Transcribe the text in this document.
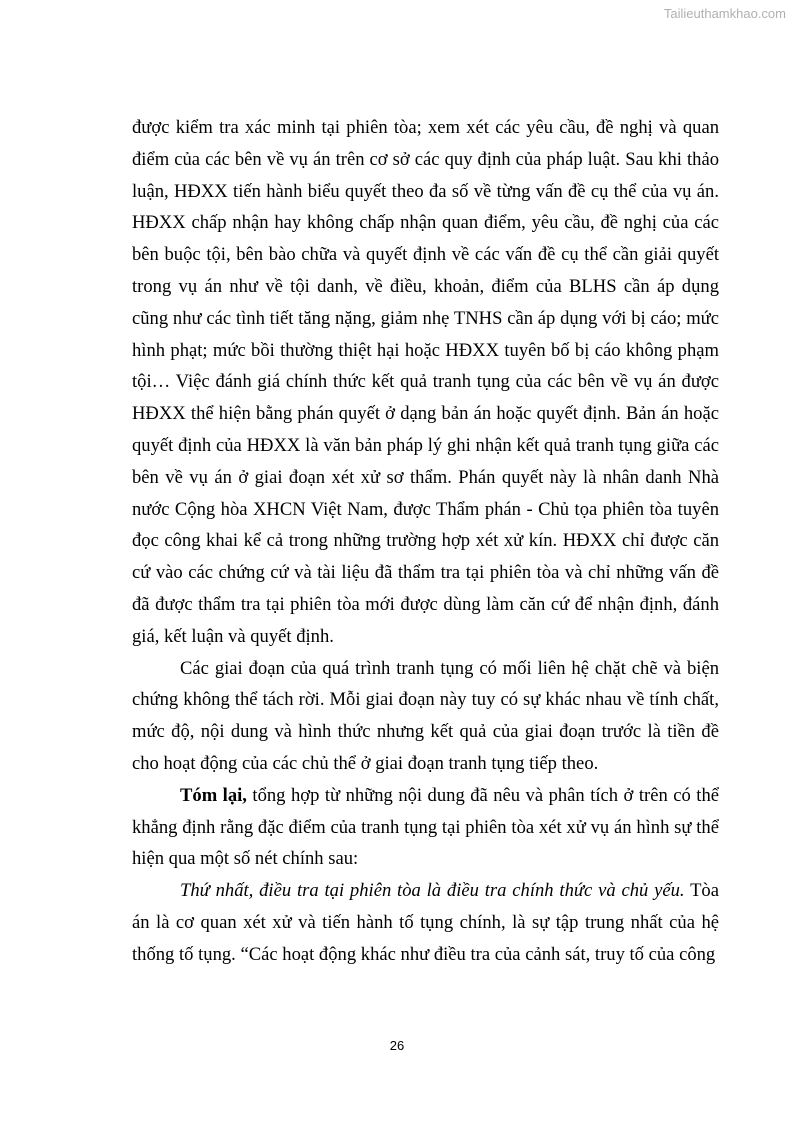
Tailieuthamkhao.com

được kiểm tra xác minh tại phiên tòa; xem xét các yêu cầu, đề nghị và quan điểm của các bên về vụ án trên cơ sở các quy định của pháp luật. Sau khi thảo luận, HĐXX tiến hành biểu quyết theo đa số về từng vấn đề cụ thể của vụ án. HĐXX chấp nhận hay không chấp nhận quan điểm, yêu cầu, đề nghị của các bên buộc tội, bên bào chữa và quyết định về các vấn đề cụ thể cần giải quyết trong vụ án như về tội danh, về điều, khoản, điểm của BLHS cần áp dụng cũng như các tình tiết tăng nặng, giảm nhẹ TNHS cần áp dụng với bị cáo; mức hình phạt; mức bồi thường thiệt hại hoặc HĐXX tuyên bố bị cáo không phạm tội… Việc đánh giá chính thức kết quả tranh tụng của các bên về vụ án được HĐXX thể hiện bằng phán quyết ở dạng bản án hoặc quyết định. Bản án hoặc quyết định của HĐXX là văn bản pháp lý ghi nhận kết quả tranh tụng giữa các bên về vụ án ở giai đoạn xét xử sơ thẩm. Phán quyết này là nhân danh Nhà nước Cộng hòa XHCN Việt Nam, được Thẩm phán - Chủ tọa phiên tòa tuyên đọc công khai kể cả trong những trường hợp xét xử kín. HĐXX chỉ được căn cứ vào các chứng cứ và tài liệu đã thẩm tra tại phiên tòa và chỉ những vấn đề đã được thẩm tra tại phiên tòa mới được dùng làm căn cứ để nhận định, đánh giá, kết luận và quyết định.

Các giai đoạn của quá trình tranh tụng có mối liên hệ chặt chẽ và biện chứng không thể tách rời. Mỗi giai đoạn này tuy có sự khác nhau về tính chất, mức độ, nội dung và hình thức nhưng kết quả của giai đoạn trước là tiền đề cho hoạt động của các chủ thể ở giai đoạn tranh tụng tiếp theo.

Tóm lại, tổng hợp từ những nội dung đã nêu và phân tích ở trên có thể khẳng định rằng đặc điểm của tranh tụng tại phiên tòa xét xử vụ án hình sự thể hiện qua một số nét chính sau:

Thứ nhất, điều tra tại phiên tòa là điều tra chính thức và chủ yếu. Tòa án là cơ quan xét xử và tiến hành tố tụng chính, là sự tập trung nhất của hệ thống tố tụng. “Các hoạt động khác như điều tra của cảnh sát, truy tố của công

26
